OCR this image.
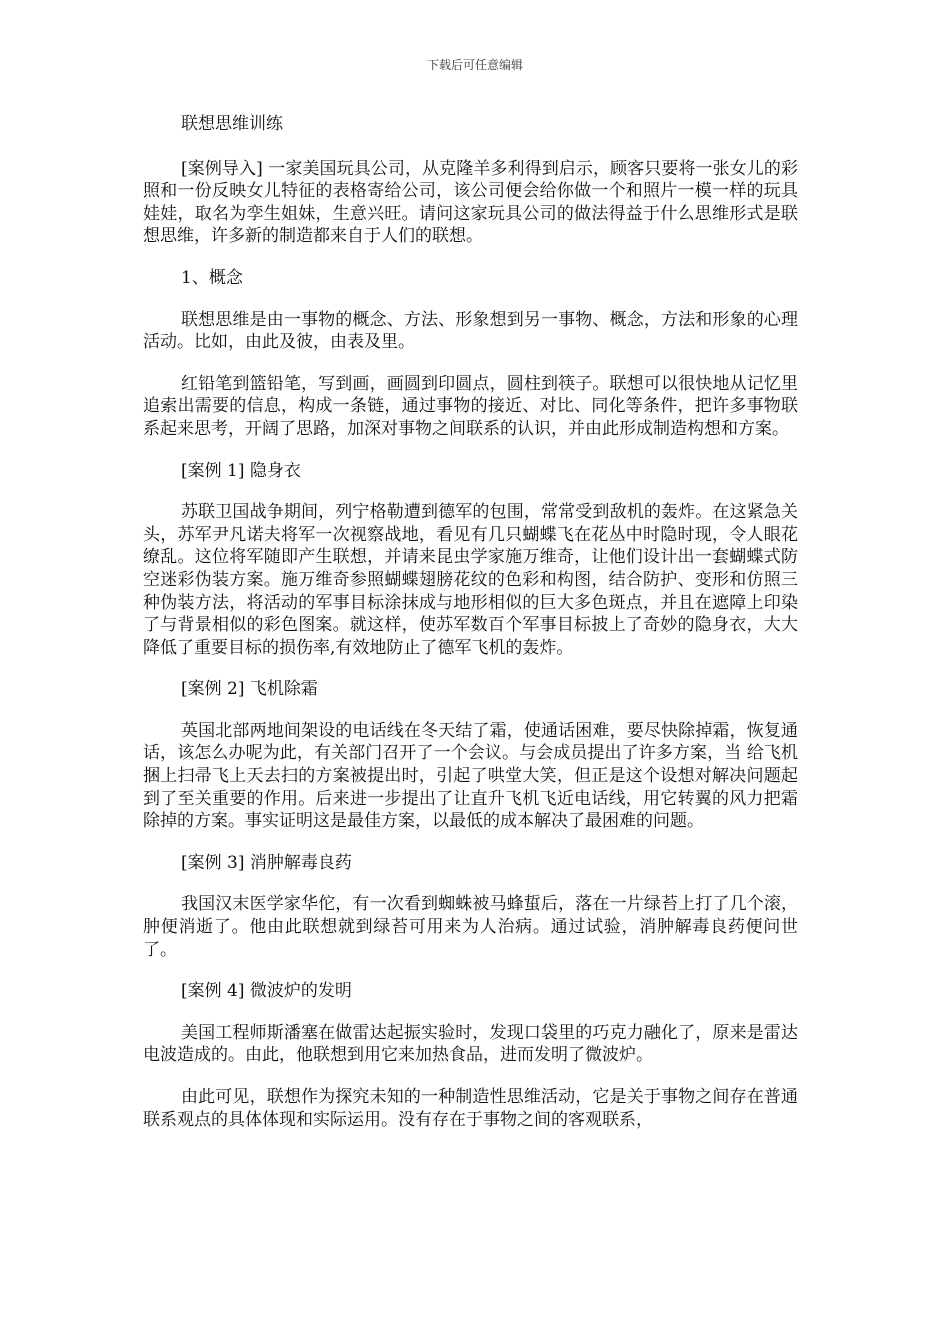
下载后可任意编辑

联想思维训练

[案例导入] 一家美国玩具公司，从克隆羊多利得到启示，顾客只要将一张女儿的彩照和一份反映女儿特征的表格寄给公司，该公司便会给你做一个和照片一模一样的玩具娃娃，取名为孪生姐妹，生意兴旺。请问这家玩具公司的做法得益于什么思维形式是联想思维，许多新的制造都来自于人们的联想。

1、概念

联想思维是由一事物的概念、方法、形象想到另一事物、概念，方法和形象的心理活动。比如，由此及彼，由表及里。

红铅笔到篮铅笔，写到画，画圆到印圆点，圆柱到筷子。联想可以很快地从记忆里追索出需要的信息，构成一条链，通过事物的接近、对比、同化等条件，把许多事物联系起来思考，开阔了思路，加深对事物之间联系的认识，并由此形成制造构想和方案。

[案例 1] 隐身衣

苏联卫国战争期间，列宁格勒遭到德军的包围，常常受到敌机的轰炸。在这紧急关头，苏军尹凡诺夫将军一次视察战地，看见有几只蝴蝶飞在花丛中时隐时现，令人眼花缭乱。这位将军随即产生联想，并请来昆虫学家施万维奇，让他们设计出一套蝴蝶式防空迷彩伪装方案。施万维奇参照蝴蝶翅膀花纹的色彩和构图，结合防护、变形和仿照三种伪装方法，将活动的军事目标涂抹成与地形相似的巨大多色斑点，并且在遮障上印染了与背景相似的彩色图案。就这样，使苏军数百个军事目标披上了奇妙的隐身衣，大大降低了重要目标的损伤率,有效地防止了德军飞机的轰炸。

[案例 2] 飞机除霜

英国北部两地间架设的电话线在冬天结了霜，使通话困难，要尽快除掉霜，恢复通话，该怎么办呢为此，有关部门召开了一个会议。与会成员提出了许多方案，当 给飞机捆上扫帚飞上天去扫的方案被提出时，引起了哄堂大笑，但正是这个设想对解决问题起到了至关重要的作用。后来进一步提出了让直升飞机飞近电话线，用它转翼的风力把霜除掉的方案。事实证明这是最佳方案，以最低的成本解决了最困难的问题。

[案例 3] 消肿解毒良药

我国汉末医学家华佗，有一次看到蜘蛛被马蜂蜇后，落在一片绿苔上打了几个滚，肿便消逝了。他由此联想就到绿苔可用来为人治病。通过试验，消肿解毒良药便问世了。

[案例 4] 微波炉的发明

美国工程师斯潘塞在做雷达起振实验时，发现口袋里的巧克力融化了，原来是雷达电波造成的。由此，他联想到用它来加热食品，进而发明了微波炉。

由此可见，联想作为探究未知的一种制造性思维活动，它是关于事物之间存在普通联系观点的具体体现和实际运用。没有存在于事物之间的客观联系，
